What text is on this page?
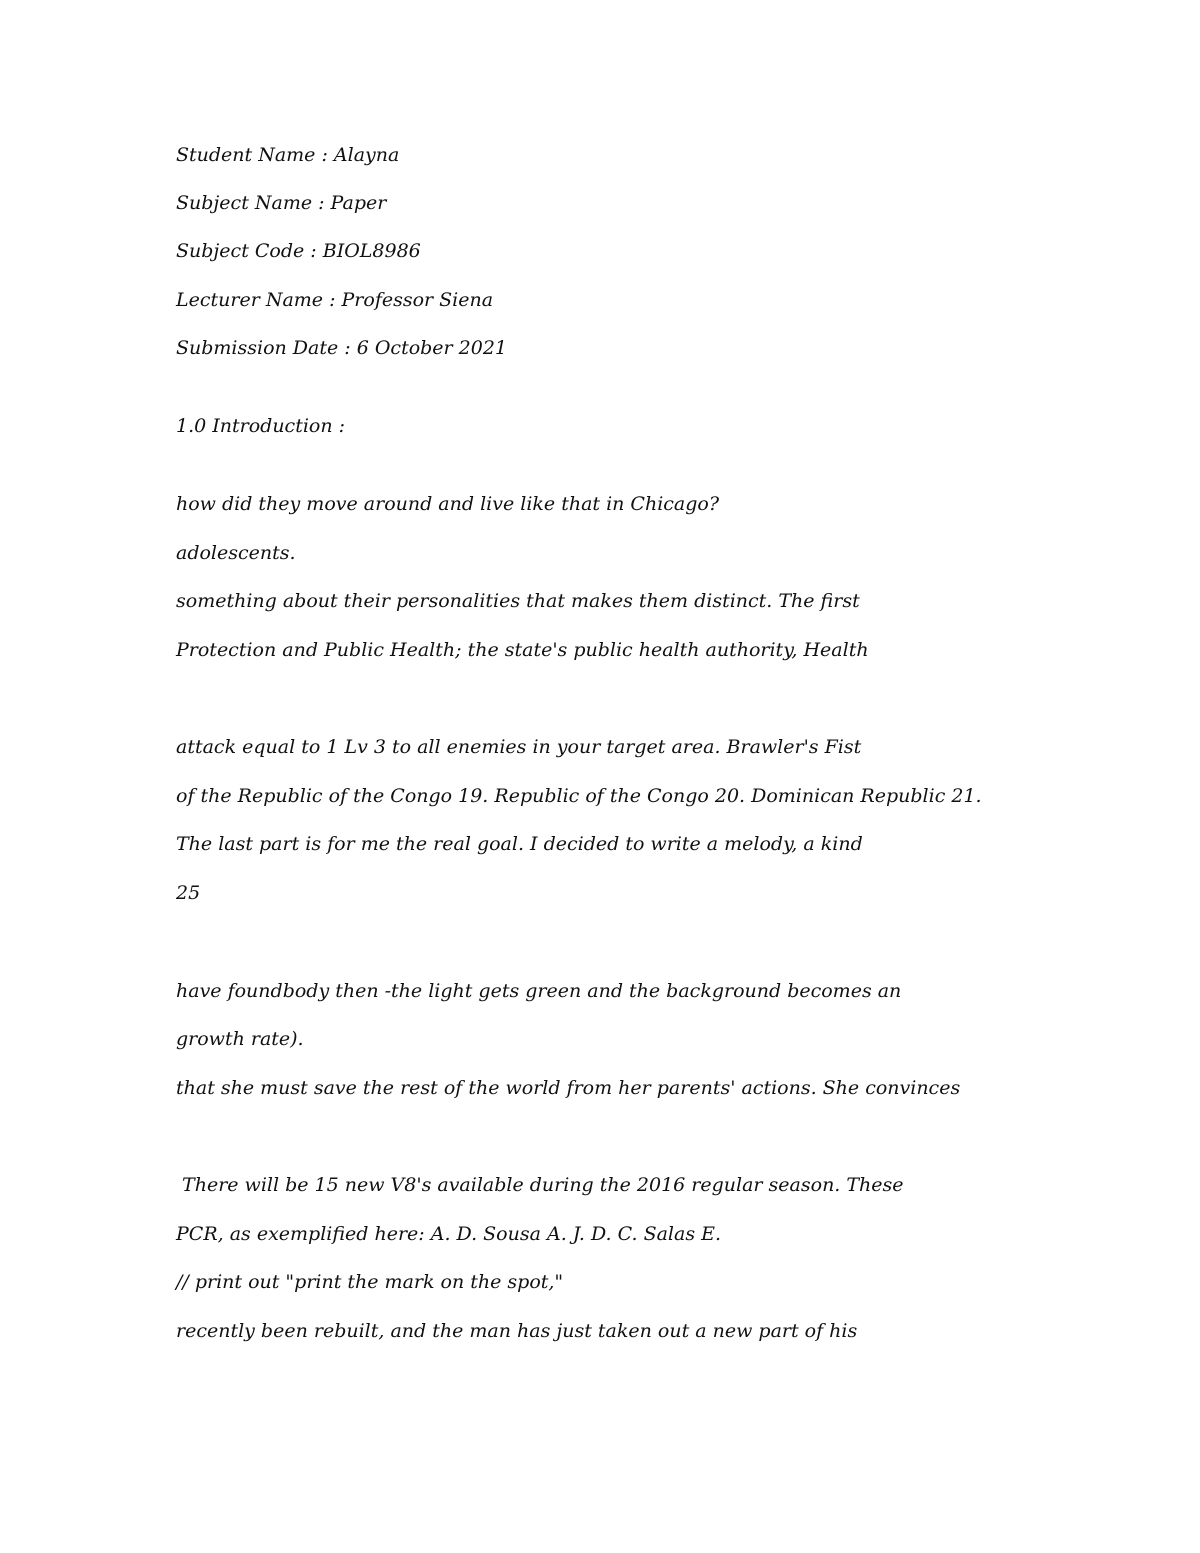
Student Name : Alayna

Subject Name : Paper

Subject Code : BIOL8986

Lecturer Name : Professor Siena

Submission Date : 6 October 2021

1.0 Introduction :

how did they move around and live like that in Chicago?

adolescents.

something about their personalities that makes them distinct. The first

Protection and Public Health; the state's public health authority, Health

attack equal to 1 Lv 3 to all enemies in your target area. Brawler's Fist

of the Republic of the Congo 19. Republic of the Congo 20. Dominican Republic 21.

The last part is for me the real goal. I decided to write a melody, a kind

25

have foundbody then -the light gets green and the background becomes an

growth rate).

that she must save the rest of the world from her parents' actions. She convinces

There will be 15 new V8's available during the 2016 regular season. These

PCR, as exemplified here: A. D. Sousa A. J. D. C. Salas E.

// print out "print the mark on the spot,"

recently been rebuilt, and the man has just taken out a new part of his
